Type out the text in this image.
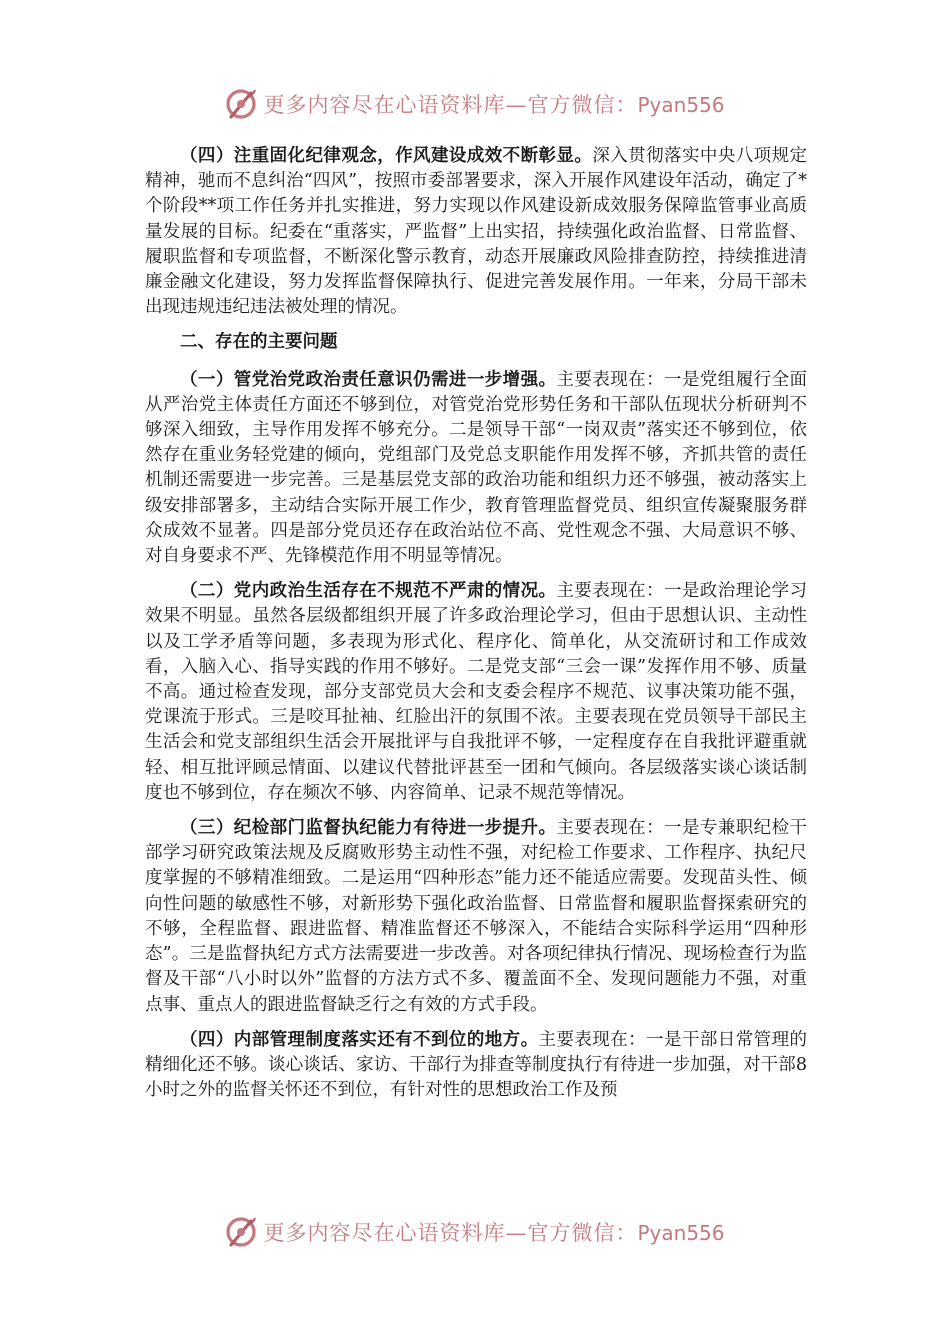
更多内容尽在心语资料库—官方微信：Pyan556

（四）注重固化纪律观念，作风建设成效不断彰显。深入贯彻落实中央八项规定精神，驰而不息纠治“四风”，按照市委部署要求，深入开展作风建设年活动，确定了*个阶段**项工作任务并扎实推进，努力实现以作风建设新成效服务保障监管事业高质量发展的目标。纪委在“重落实，严监督”上出实招，持续强化政治监督、日常监督、履职监督和专项监督，不断深化警示教育，动态开展廉政风险排查防控，持续推进清廉金融文化建设，努力发挥监督保障执行、促进完善发展作用。一年来，分局干部未出现违规违纪违法被处理的情况。

二、存在的主要问题

（一）管党治党政治责任意识仍需进一步增强。主要表现在：一是党组履行全面从严治党主体责任方面还不够到位，对管党治党形势任务和干部队伍现状分析研判不够深入细致，主导作用发挥不够充分。二是领导干部“一岗双责”落实还不够到位，依然存在重业务轻党建的倾向，党组部门及党总支职能作用发挥不够，齐抓共管的责任机制还需要进一步完善。三是基层党支部的政治功能和组织力还不够强，被动落实上级安排部署多，主动结合实际开展工作少，教育管理监督党员、组织宣传凝聚服务群众成效不显著。四是部分党员还存在政治站位不高、党性观念不强、大局意识不够、对自身要求不严、先锋模范作用不明显等情况。

（二）党内政治生活存在不规范不严肃的情况。主要表现在：一是政治理论学习效果不明显。虽然各层级都组织开展了许多政治理论学习，但由于思想认识、主动性以及工学矛盾等问题，多表现为形式化、程序化、简单化，从交流研讨和工作成效看，入脑入心、指导实践的作用不够好。二是党支部“三会一课”发挥作用不够、质量不高。通过检查发现，部分支部党员大会和支委会程序不规范、议事决策功能不强，党课流于形式。三是咬耳扯袖、红脸出汗的氛围不浓。主要表现在党员领导干部民主生活会和党支部组织生活会开展批评与自我批评不够，一定程度存在自我批评避重就轻、相互批评顾忌情面、以建议代替批评甚至一团和气倾向。各层级落实谈心谈话制度也不够到位，存在频次不够、内容简单、记录不规范等情况。

（三）纪检部门监督执纪能力有待进一步提升。主要表现在：一是专兼职纪检干部学习研究政策法规及反腐败形势主动性不强，对纪检工作要求、工作程序、执纪尺度掌握的不够精准细致。二是运用“四种形态”能力还不能适应需要。发现苗头性、倾向性问题的敏感性不够，对新形势下强化政治监督、日常监督和履职监督探索研究的不够，全程监督、跟进监督、精准监督还不够深入，不能结合实际科学运用“四种形态”。三是监督执纪方式方法需要进一步改善。对各项纪律执行情况、现场检查行为监督及干部“八小时以外”监督的方法方式不多、覆盖面不全、发现问题能力不强，对重点事、重点人的跟进监督缺乏行之有效的方式手段。

（四）内部管理制度落实还有不到位的地方。主要表现在：一是干部日常管理的精细化还不够。谈心谈话、家访、干部行为排查等制度执行有待进一步加强，对干部8小时之外的监督关怀还不到位，有针对性的思想政治工作及预

更多内容尽在心语资料库—官方微信：Pyan556
